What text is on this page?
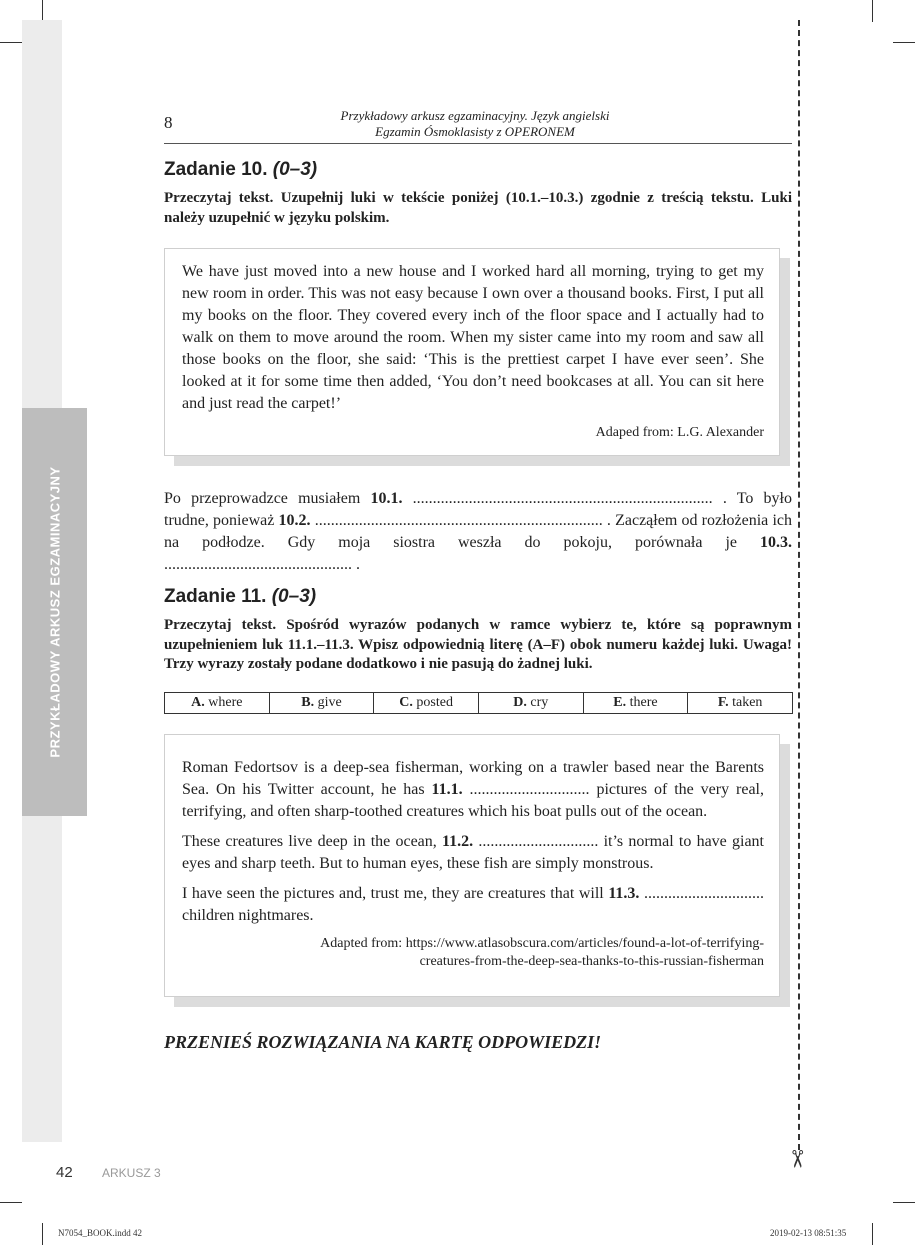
PRZYKŁADOWY ARKUSZ EGZAMINACYJNY
✂
8	Przykładowy arkusz egzaminacyjny. Język angielski
Egzamin Ósmoklasisty z OPERONEM
Zadanie 10. (0–3)
Przeczytaj tekst. Uzupełnij luki w tekście poniżej (10.1.–10.3.) zgodnie z treścią tekstu. Luki należy uzupełnić w języku polskim.

We have just moved into a new house and I worked hard all morning, trying to get my new room in order. This was not easy because I own over a thousand books. First, I put all my books on the floor. They covered every inch of the floor space and I actually had to walk on them to move around the room. When my sister came into my room and saw all those books on the floor, she said: ‘This is the prettiest carpet I have ever seen’. She looked at it for some time then added, ‘You don’t need bookcases at all. You can sit here and just read the carpet!’

Adaped from: L.G. Alexander
Po przeprowadzce musiałem 10.1. ........................................................................... . To było trudne, ponieważ 10.2. ........................................................................ . Zacząłem od rozłożenia ich na podłodze. Gdy moja siostra weszła do pokoju, porównała je 10.3. ............................................... .
Zadanie 11. (0–3)
Przeczytaj tekst. Spośród wyrazów podanych w ramce wybierz te, które są poprawnym uzupełnieniem luk 11.1.–11.3. Wpisz odpowiednią literę (A–F) obok numeru każdej luki. Uwaga! Trzy wyrazy zostały podane dodatkowo i nie pasują do żadnej luki.
A. where	B. give	C. posted	D. cry	E. there	F. taken

Roman Fedortsov is a deep-sea fisherman, working on a trawler based near the Barents Sea. On his Twitter account, he has 11.1. .............................. pictures of the very real, terrifying, and often sharp-toothed creatures which his boat pulls out of the ocean.

These creatures live deep in the ocean, 11.2. .............................. it’s normal to have giant eyes and sharp teeth. But to human eyes, these fish are simply monstrous.

I have seen the pictures and, trust me, they are creatures that will 11.3. .............................. children nightmares.

Adapted from: https://www.atlasobscura.com/articles/found-a-lot-of-terrifying-creatures-from-the-deep-sea-thanks-to-this-russian-fisherman
PRZENIEŚ ROZWIĄZANIA NA KARTĘ ODPOWIEDZI!
42 ARKUSZ 3
N7054_BOOK.indd 42	2019-02-13 08:51:35
